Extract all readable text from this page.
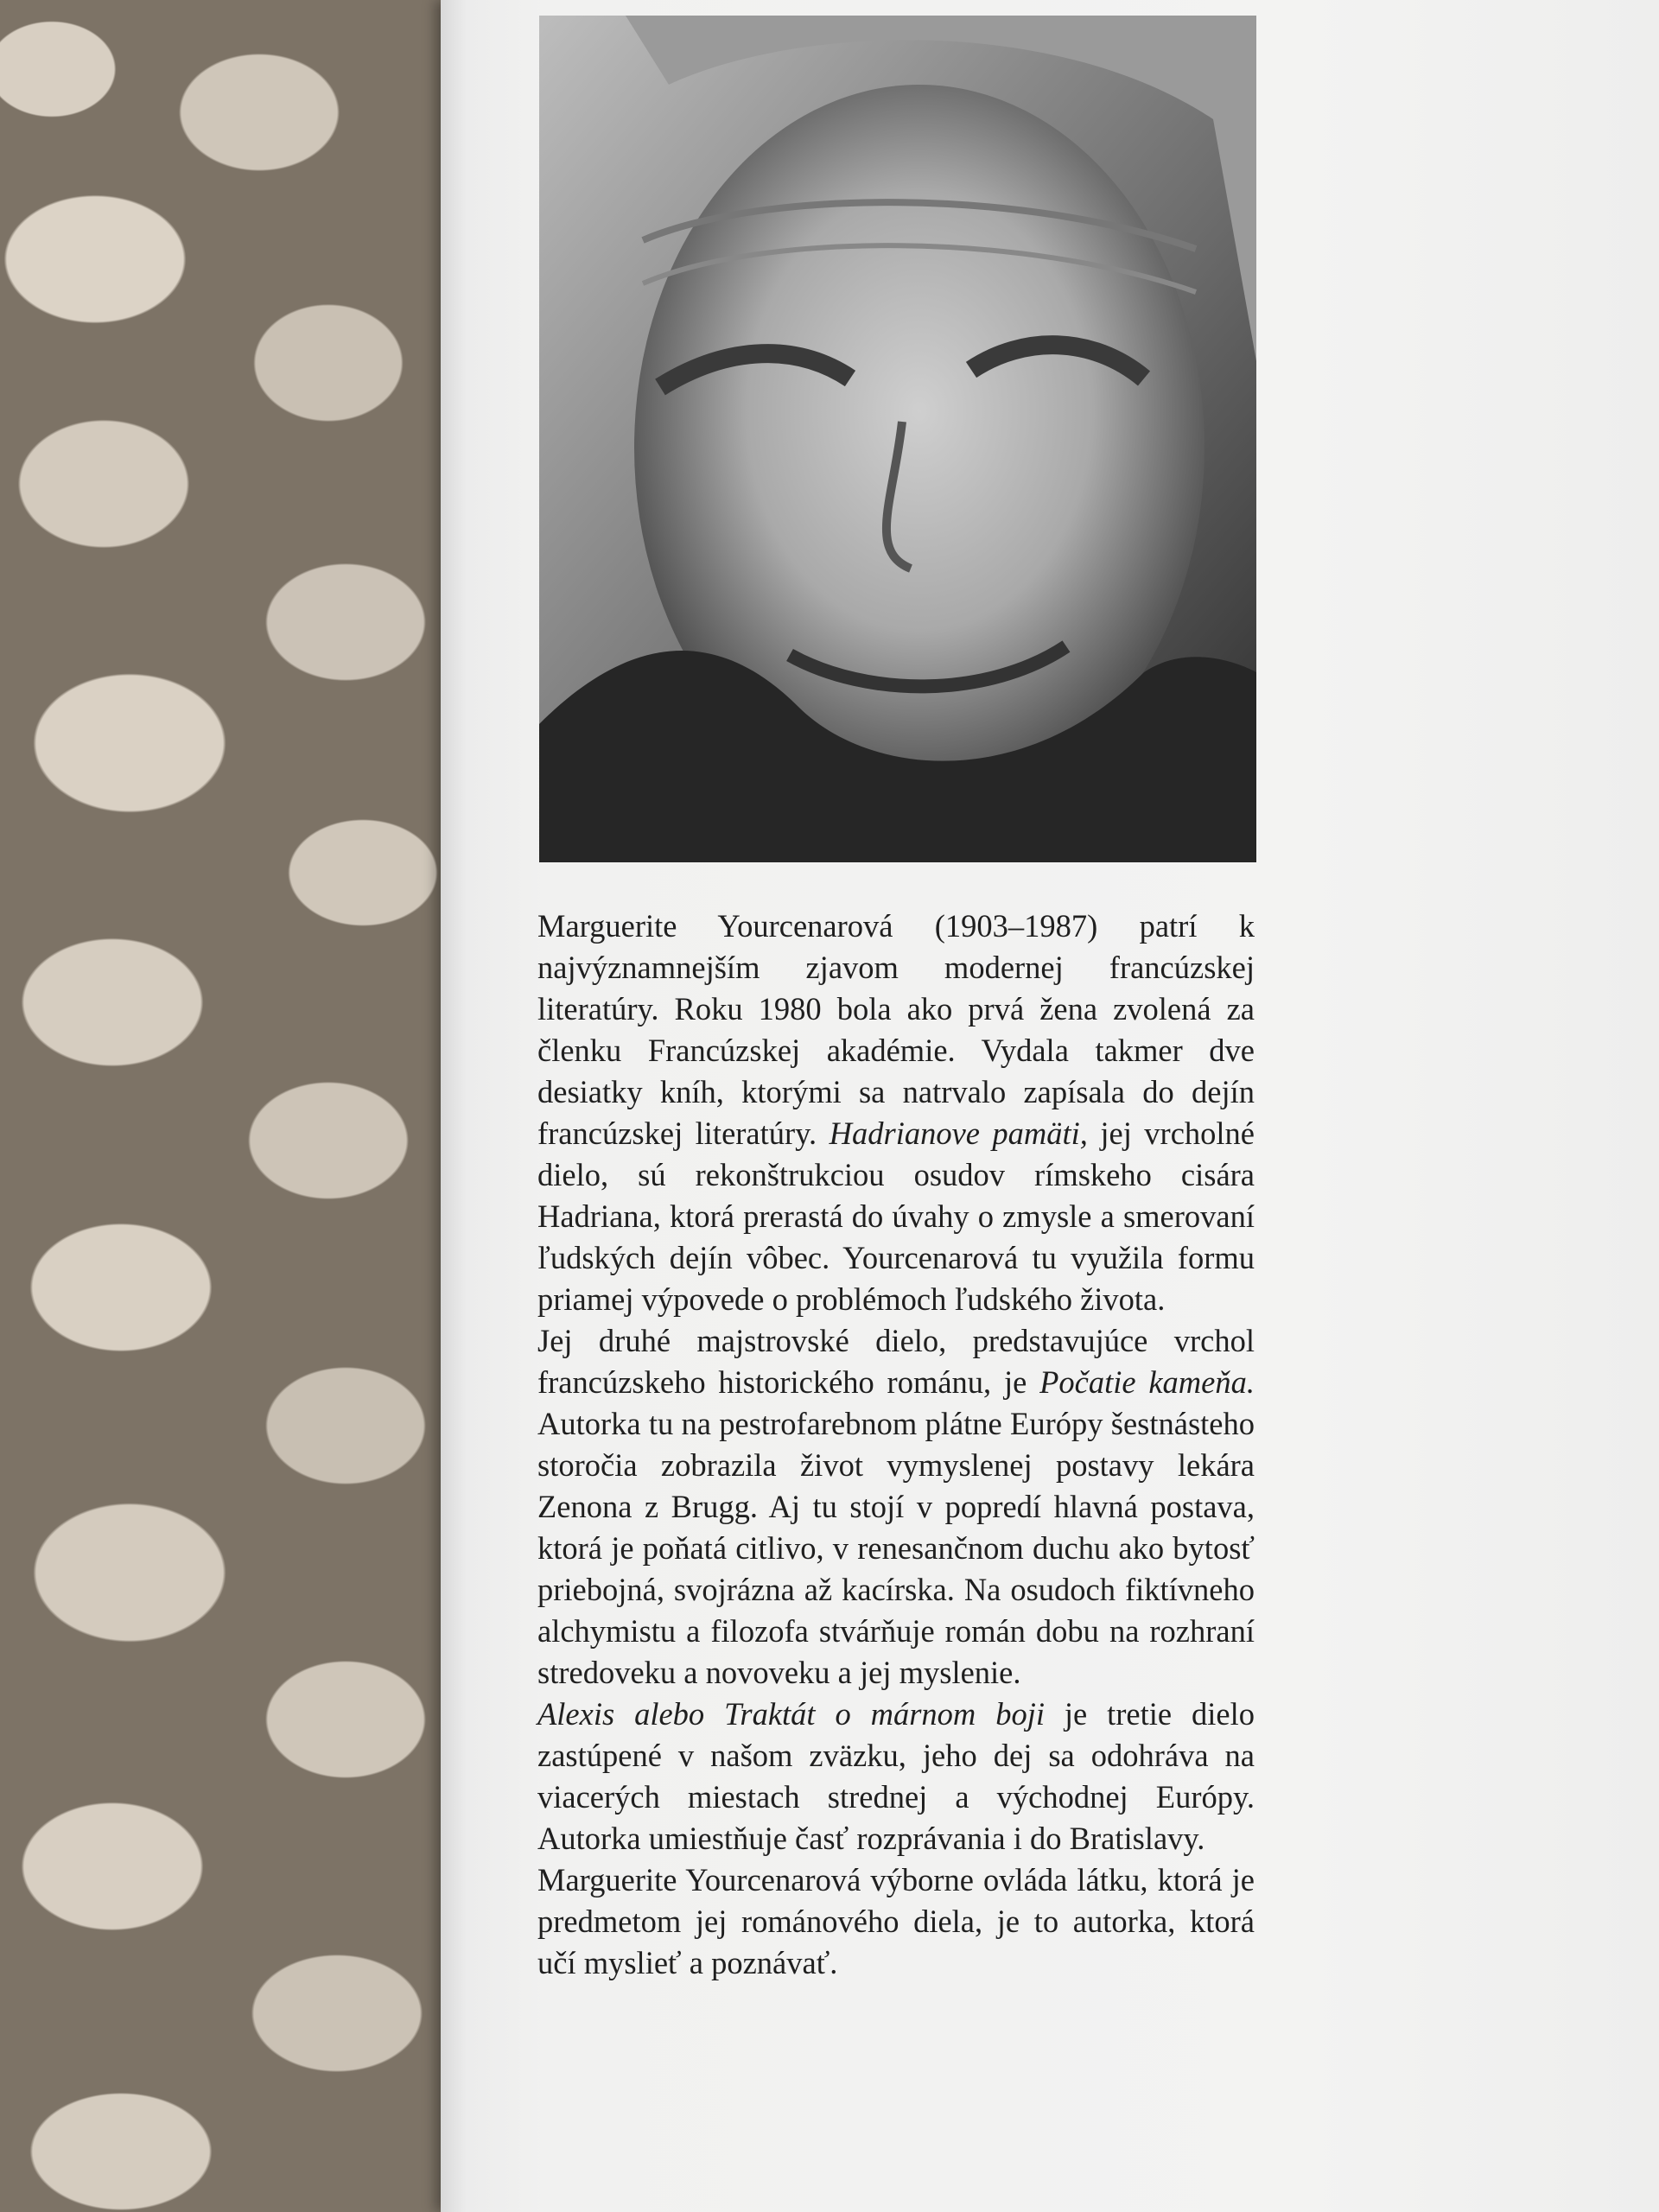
Marguerite Yourcenarová (1903–1987) patrí k najvýznamnejším zjavom modernej francúzskej literatúry. Roku 1980 bola ako prvá žena zvolená za členku Francúzskej akadémie. Vydala takmer dve desiatky kníh, ktorými sa natrvalo zapísala do dejín francúzskej literatúry. Hadrianove pamäti, jej vrcholné dielo, sú rekonštrukciou osudov rímskeho cisára Hadriana, ktorá prerastá do úvahy o zmysle a smerovaní ľudských dejín vôbec. Yourcenarová tu využila formu priamej výpovede o problémoch ľudského života.

Jej druhé majstrovské dielo, predstavujúce vrchol francúzskeho historického románu, je Počatie kameňa. Autorka tu na pestrofarebnom plátne Európy šestnásteho storočia zobrazila život vymyslenej postavy lekára Zenona z Brugg. Aj tu stojí v popredí hlavná postava, ktorá je poňatá citlivo, v renesančnom duchu ako bytosť priebojná, svojrázna až kacírska. Na osudoch fiktívneho alchymistu a filozofa stvárňuje román dobu na rozhraní stredoveku a novoveku a jej myslenie.

Alexis alebo Traktát o márnom boji je tretie dielo zastúpené v našom zväzku, jeho dej sa odohráva na viacerých miestach strednej a východnej Európy. Autorka umiestňuje časť rozprávania i do Bratislavy.

Marguerite Yourcenarová výborne ovláda látku, ktorá je predmetom jej románového diela, je to autorka, ktorá učí myslieť a poznávať.
